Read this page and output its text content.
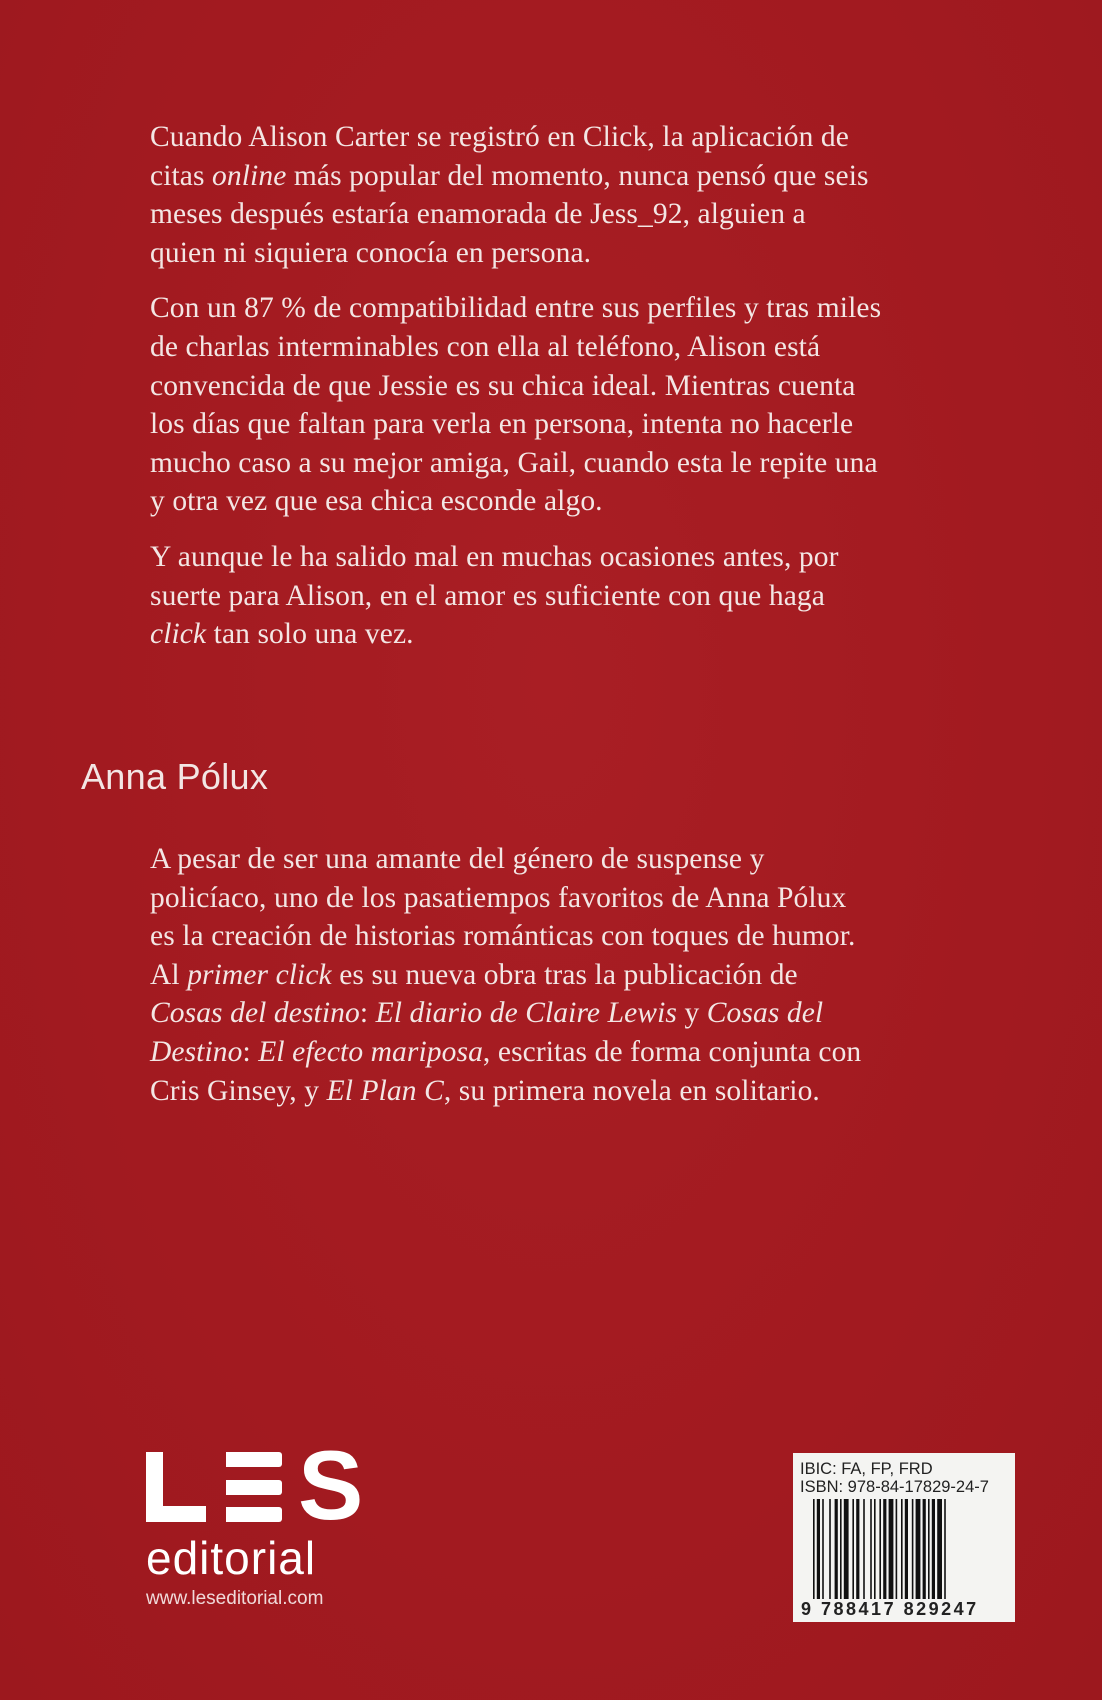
Cuando Alison Carter se registró en Click, la aplicación de
citas online más popular del momento, nunca pensó que seis
meses después estaría enamorada de Jess_92, alguien a
quien ni siquiera conocía en persona.
Con un 87 % de compatibilidad entre sus perfiles y tras miles
de charlas interminables con ella al teléfono, Alison está
convencida de que Jessie es su chica ideal. Mientras cuenta
los días que faltan para verla en persona, intenta no hacerle
mucho caso a su mejor amiga, Gail, cuando esta le repite una
y otra vez que esa chica esconde algo.
Y aunque le ha salido mal en muchas ocasiones antes, por
suerte para Alison, en el amor es suficiente con que haga
click tan solo una vez.
Anna Pólux
A pesar de ser una amante del género de suspense y
policíaco, uno de los pasatiempos favoritos de Anna Pólux
es la creación de historias románticas con toques de humor.
Al primer click es su nueva obra tras la publicación de
Cosas del destino: El diario de Claire Lewis y Cosas del
Destino: El efecto mariposa, escritas de forma conjunta con
Cris Ginsey, y El Plan C, su primera novela en solitario.
S
editorial
www.leseditorial.com
IBIC: FA, FP, FRD
ISBN: 978-84-17829-24-7
9 788417 829247
